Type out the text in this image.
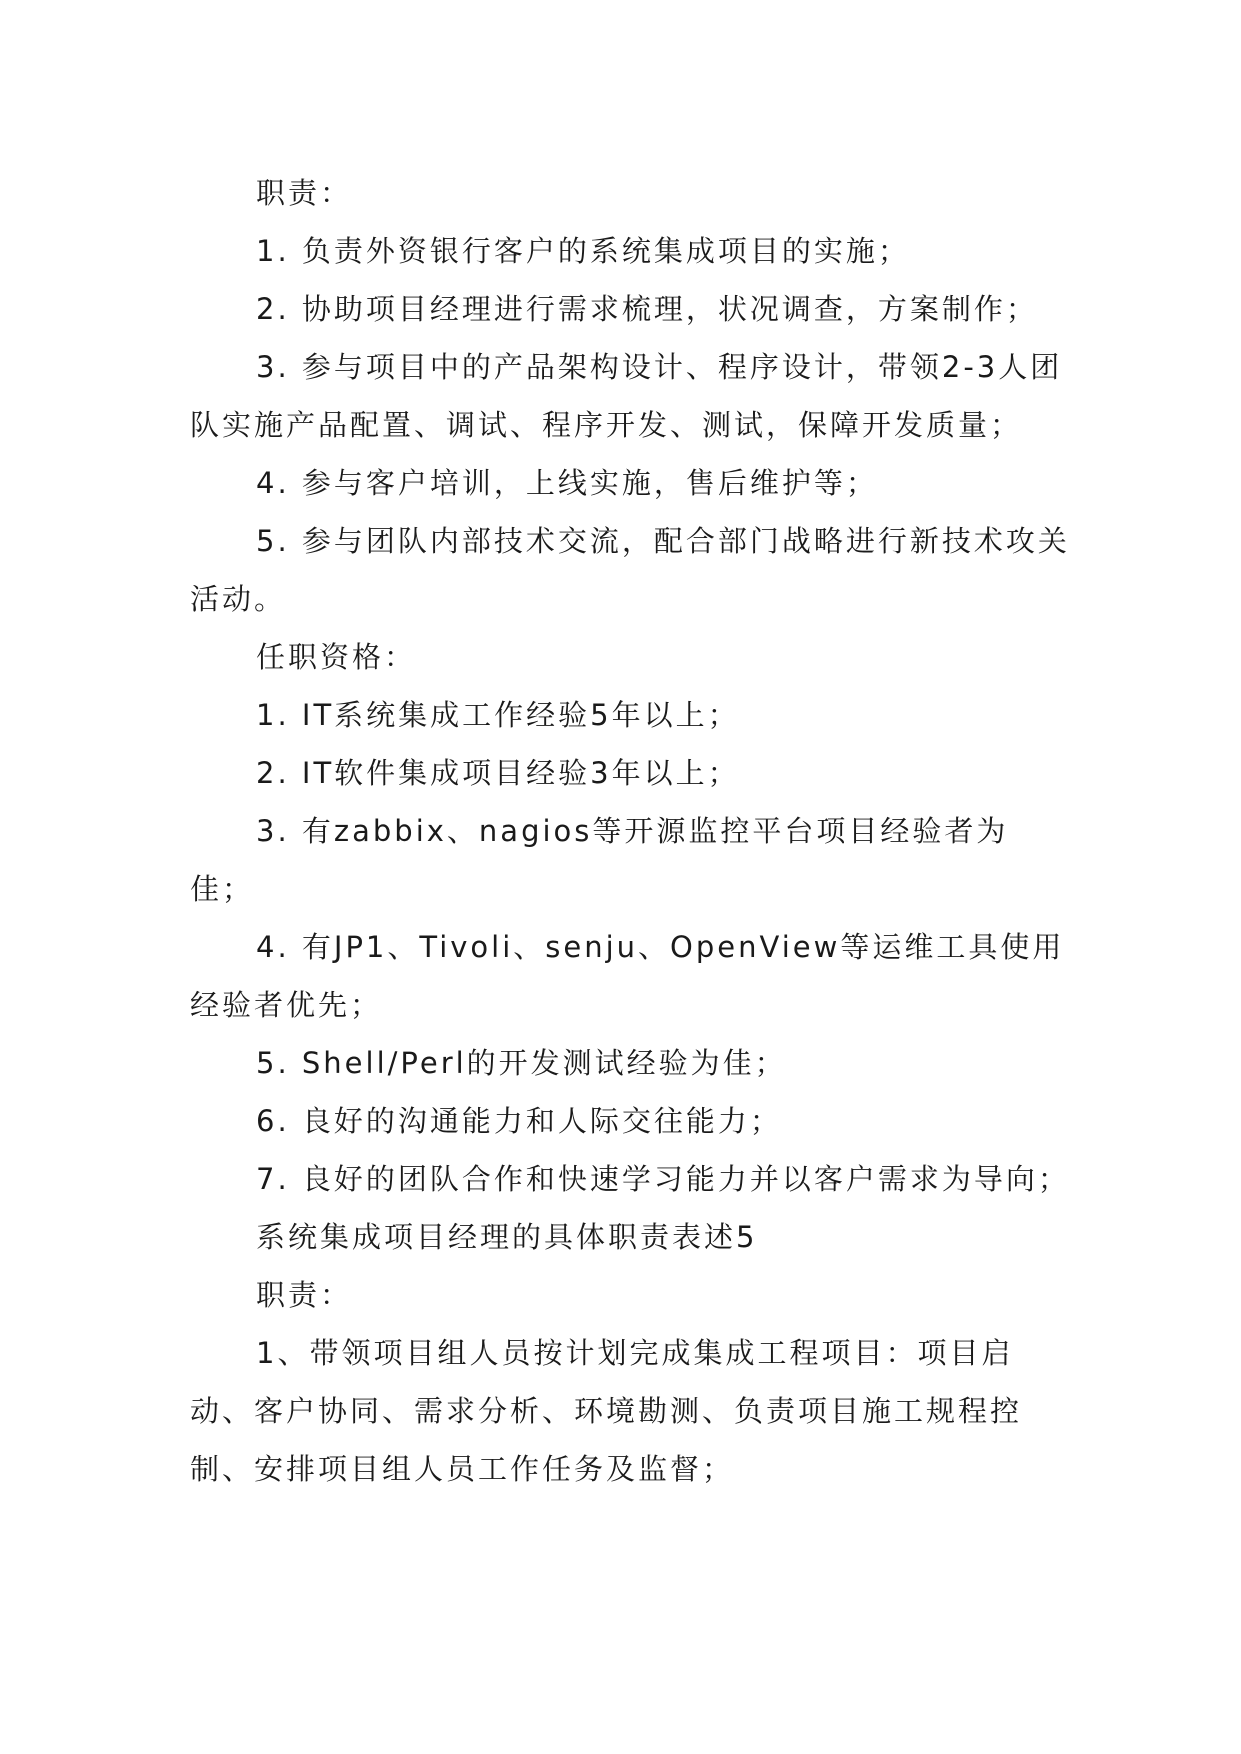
职责：

1. 负责外资银行客户的系统集成项目的实施；

2. 协助项目经理进行需求梳理，状况调查，方案制作；

3. 参与项目中的产品架构设计、程序设计，带领2-3人团队实施产品配置、调试、程序开发、测试，保障开发质量；

4. 参与客户培训，上线实施，售后维护等；

5. 参与团队内部技术交流，配合部门战略进行新技术攻关活动。

任职资格：

1. IT系统集成工作经验5年以上；

2. IT软件集成项目经验3年以上；

3. 有zabbix、nagios等开源监控平台项目经验者为佳；

4. 有JP1、Tivoli、senju、OpenView等运维工具使用经验者优先；

5. Shell/Perl的开发测试经验为佳；

6. 良好的沟通能力和人际交往能力；

7. 良好的团队合作和快速学习能力并以客户需求为导向；

系统集成项目经理的具体职责表述5

职责：

1、带领项目组人员按计划完成集成工程项目：项目启动、客户协同、需求分析、环境勘测、负责项目施工规程控制、安排项目组人员工作任务及监督；
